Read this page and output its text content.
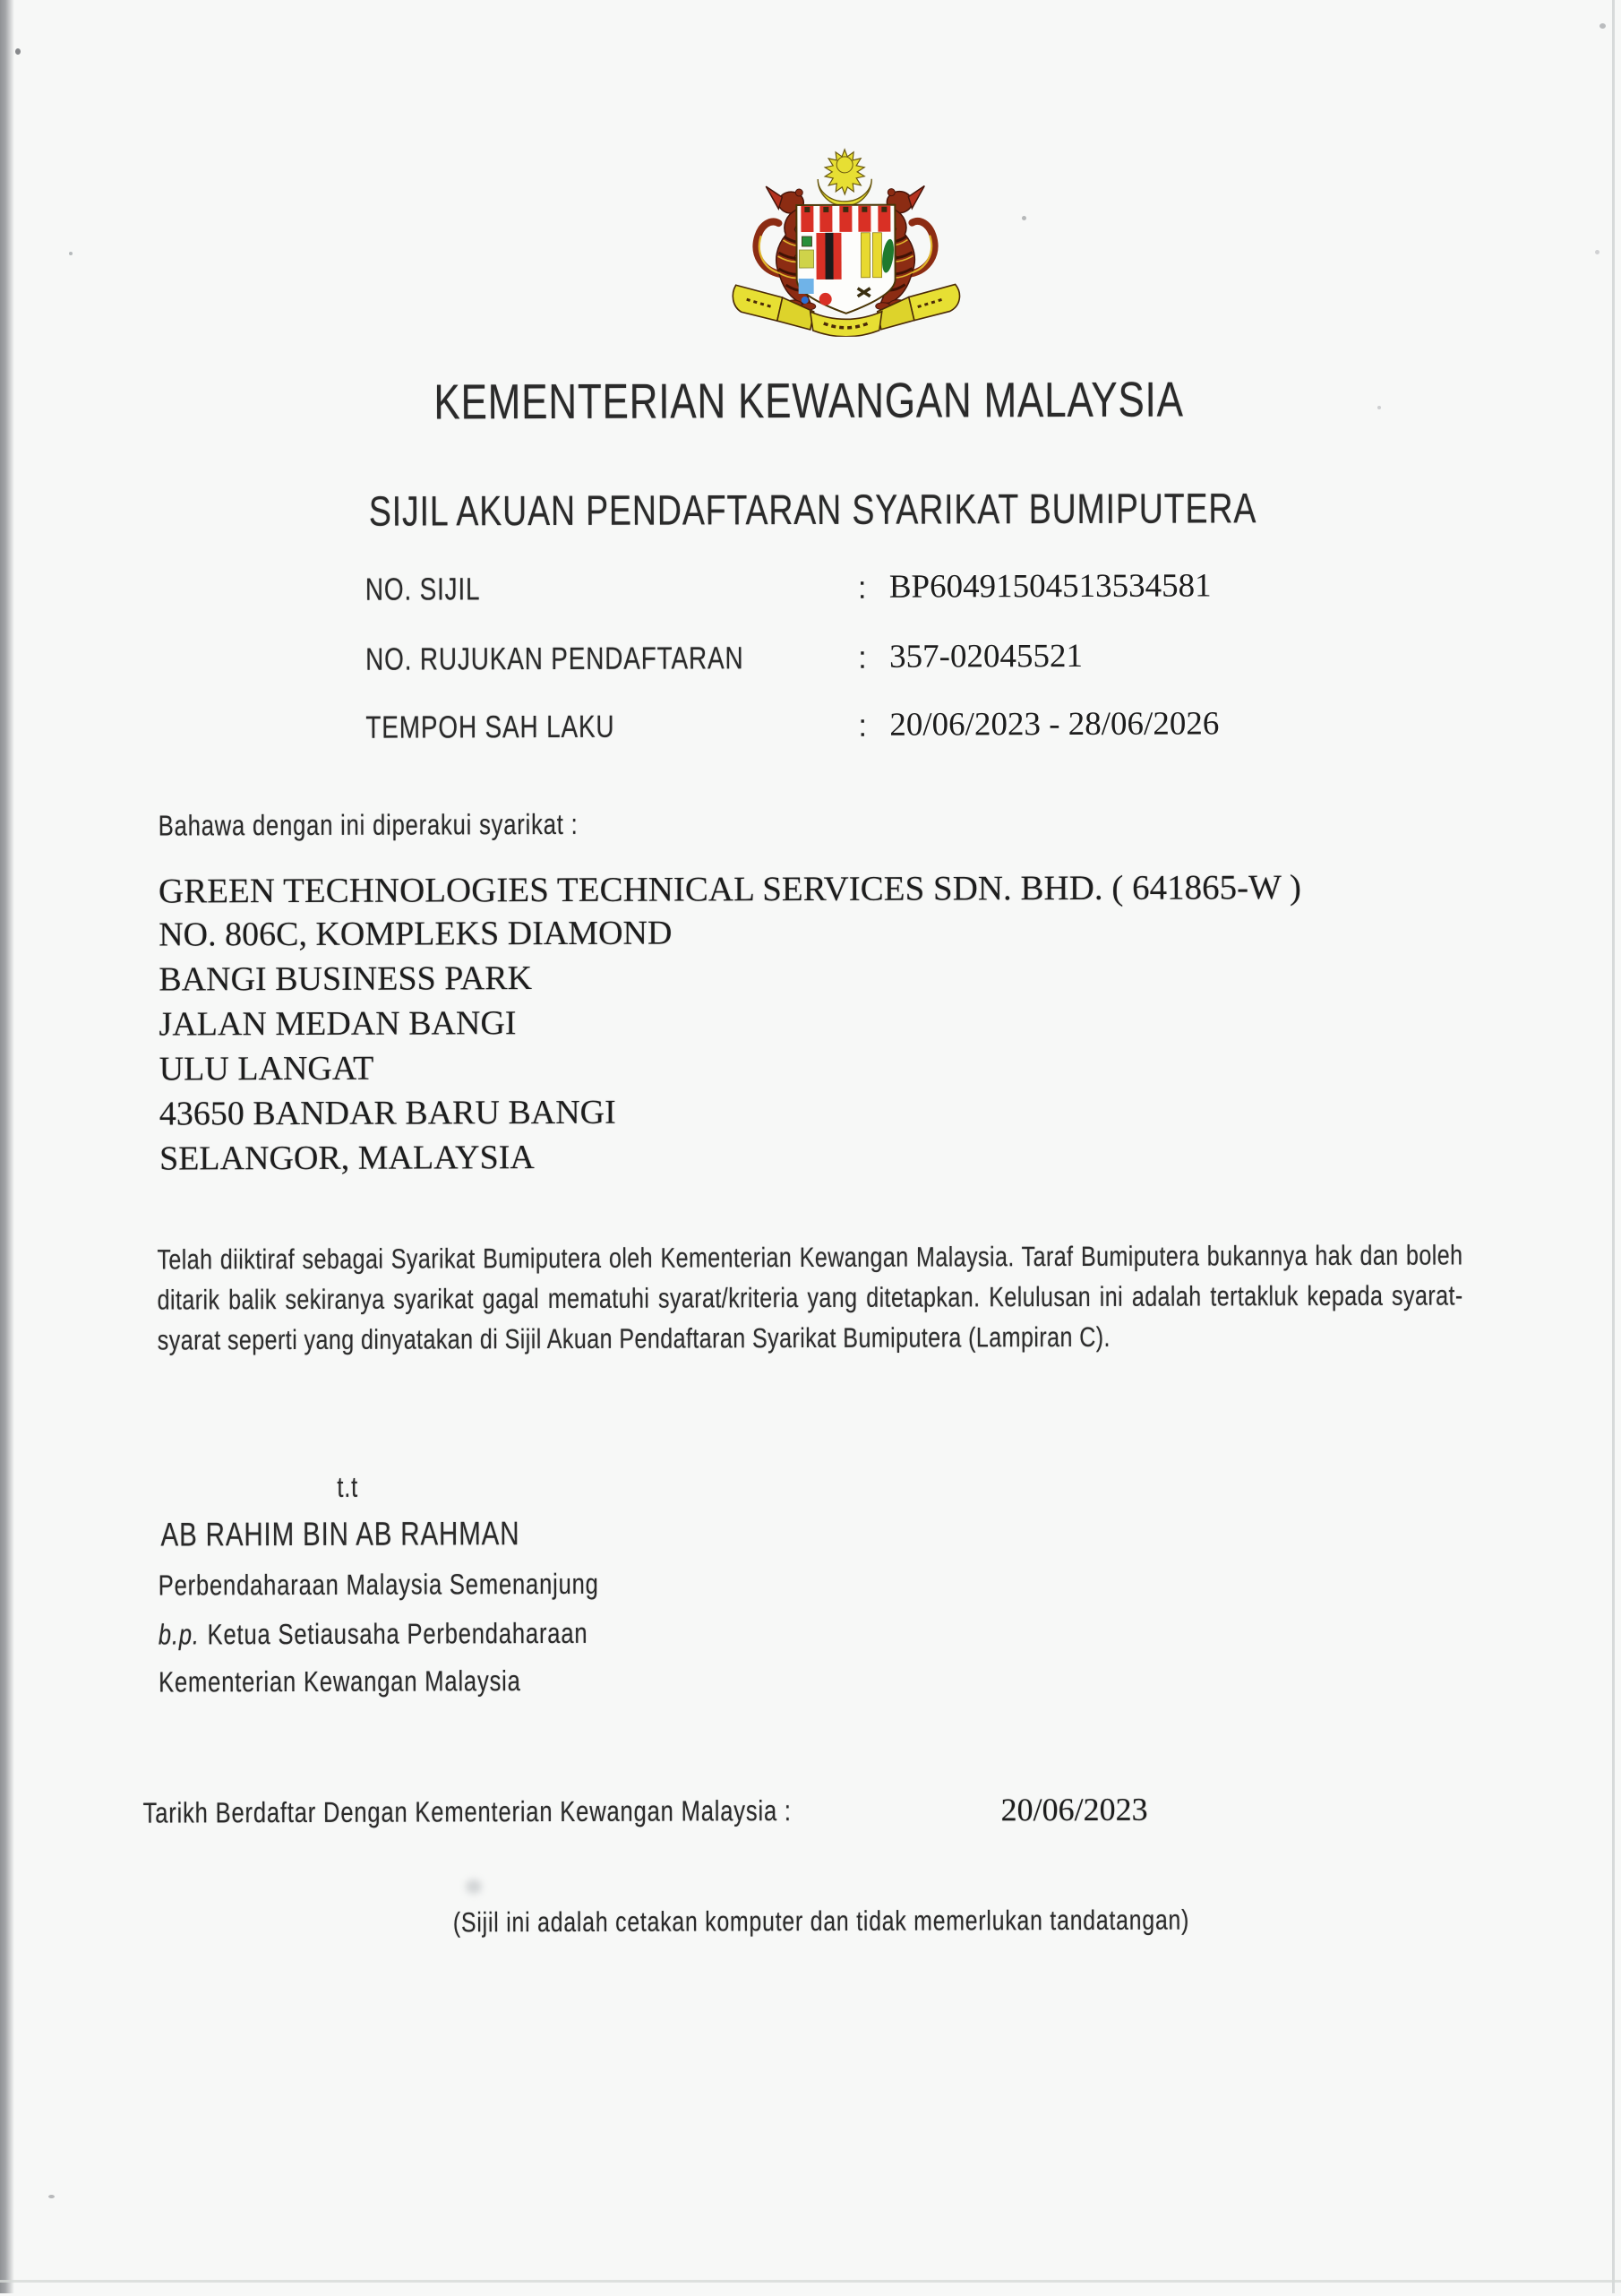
KEMENTERIAN KEWANGAN MALAYSIA
SIJIL AKUAN PENDAFTARAN SYARIKAT BUMIPUTERA
NO. SIJIL	: BP60491504513534581
NO. RUJUKAN PENDAFTARAN	: 357-02045521
TEMPOH SAH LAKU	: 20/06/2023 - 28/06/2026
Bahawa dengan ini diperakui syarikat :
GREEN TECHNOLOGIES TECHNICAL SERVICES SDN. BHD. ( 641865-W )
NO. 806C, KOMPLEKS DIAMOND
BANGI BUSINESS PARK
JALAN MEDAN BANGI
ULU LANGAT
43650 BANDAR BARU BANGI
SELANGOR, MALAYSIA
Telah diiktiraf sebagai Syarikat Bumiputera oleh Kementerian Kewangan Malaysia. Taraf Bumiputera bukannya hak dan boleh ditarik balik sekiranya syarikat gagal mematuhi syarat/kriteria yang ditetapkan. Kelulusan ini adalah tertakluk kepada syarat-syarat seperti yang dinyatakan di Sijil Akuan Pendaftaran Syarikat Bumiputera (Lampiran C).
t.t
AB RAHIM BIN AB RAHMAN
Perbendaharaan Malaysia Semenanjung
b.p. Ketua Setiausaha Perbendaharaan
Kementerian Kewangan Malaysia
Tarikh Berdaftar Dengan Kementerian Kewangan Malaysia :	20/06/2023
(Sijil ini adalah cetakan komputer dan tidak memerlukan tandatangan)
